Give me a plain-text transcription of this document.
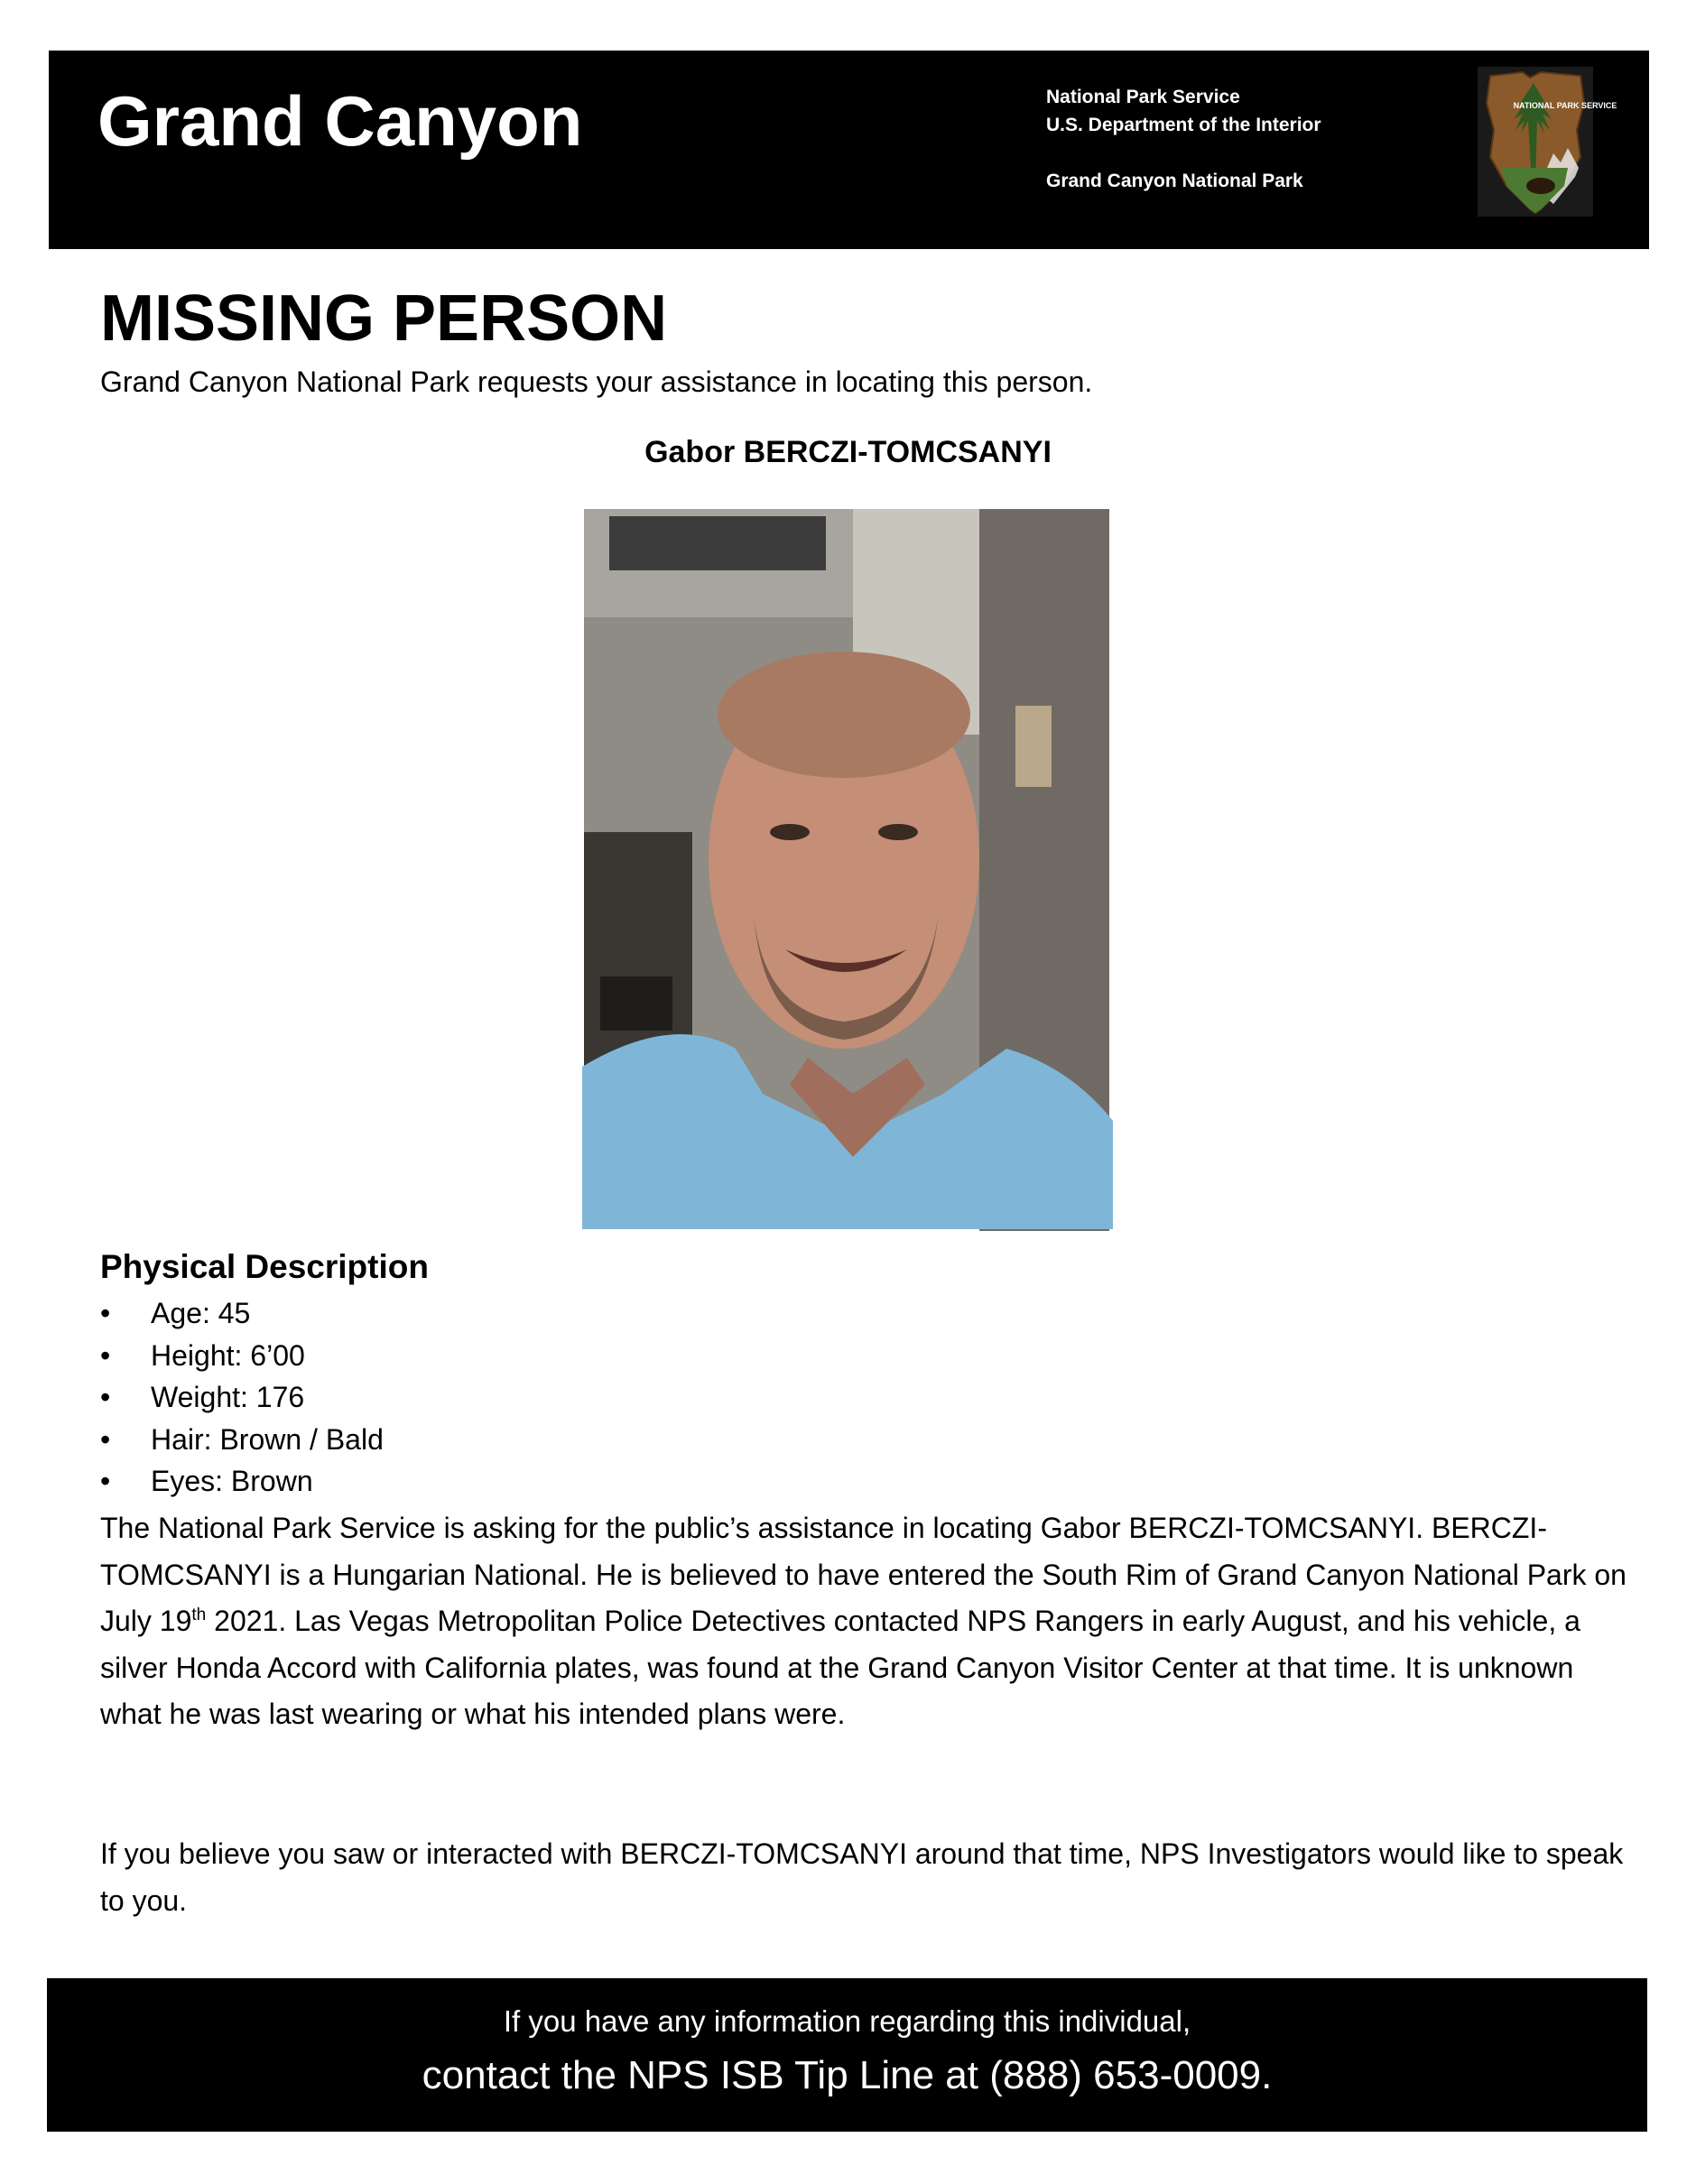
Grand Canyon	National Park Service
U.S. Department of the Interior
Grand Canyon National Park
NATIONAL PARK SERVICE
MISSING PERSON
Grand Canyon National Park requests your assistance in locating this person.
Gabor BERCZI-TOMCSANYI
Physical Description
• Age: 45
• Height: 6’00
• Weight: 176
• Hair: Brown / Bald
• Eyes: Brown

The National Park Service is asking for the public’s assistance in locating Gabor BERCZI-TOMCSANYI. BERCZI-TOMCSANYI is a Hungarian National. He is believed to have entered the South Rim of Grand Canyon National Park on July 19th 2021. Las Vegas Metropolitan Police Detectives contacted NPS Rangers in early August, and his vehicle, a silver Honda Accord with California plates, was found at the Grand Canyon Visitor Center at that time. It is unknown what he was last wearing or what his intended plans were.

If you believe you saw or interacted with BERCZI-TOMCSANYI around that time, NPS Investigators would like to speak to you.

If you have any information regarding this individual,
contact the NPS ISB Tip Line at (888) 653-0009.
